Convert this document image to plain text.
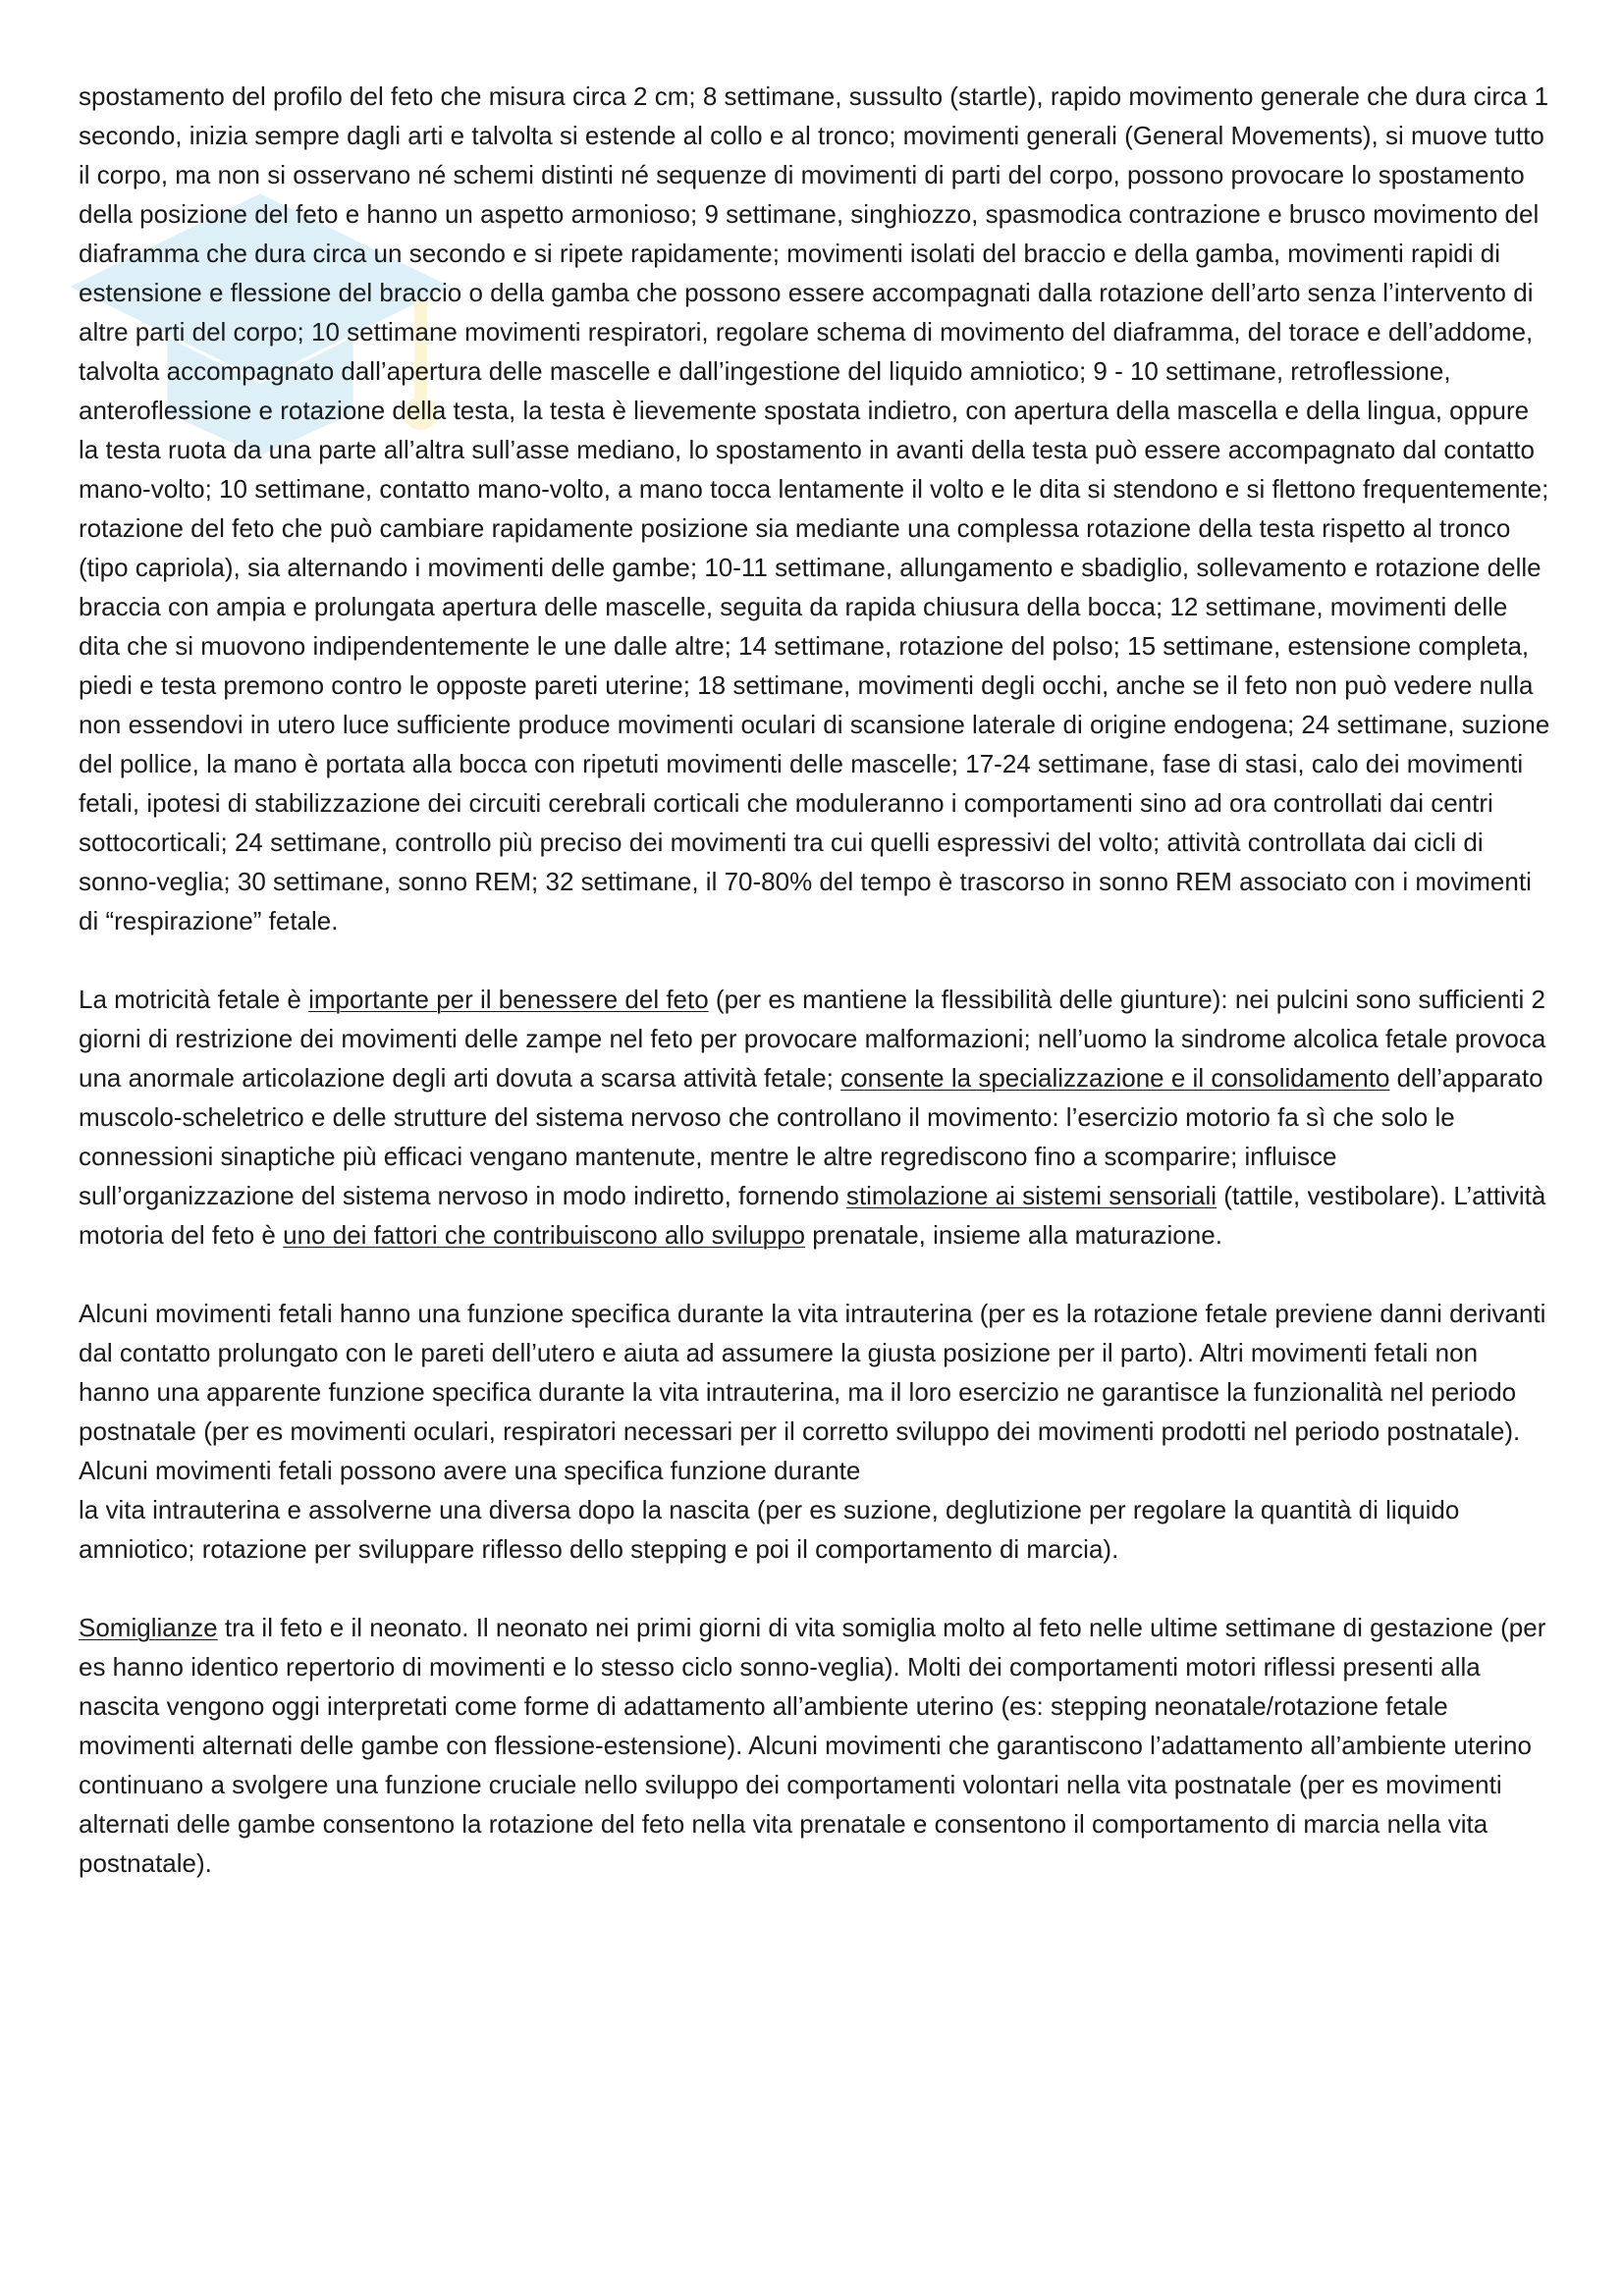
spostamento del profilo del feto che misura circa 2 cm; 8 settimane, sussulto (startle), rapido movimento generale che dura circa 1 secondo, inizia sempre dagli arti e talvolta si estende al collo e al tronco; movimenti generali (General Movements), si muove tutto il corpo, ma non si osservano né schemi distinti né sequenze di movimenti di parti del corpo, possono provocare lo spostamento della posizione del feto e hanno un aspetto armonioso; 9 settimane, singhiozzo, spasmodica contrazione e brusco movimento del diaframma che dura circa un secondo e si ripete rapidamente; movimenti isolati del braccio e della gamba, movimenti rapidi di estensione e flessione del braccio o della gamba che possono essere accompagnati dalla rotazione dell’arto senza l’intervento di altre parti del corpo; 10 settimane movimenti respiratori, regolare schema di movimento del diaframma, del torace e dell’addome, talvolta accompagnato dall’apertura delle mascelle e dall’ingestione del liquido amniotico; 9 - 10 settimane, retroflessione, anteroflessione e rotazione della testa, la testa è lievemente spostata indietro, con apertura della mascella e della lingua, oppure la testa ruota da una parte all’altra sull’asse mediano, lo spostamento in avanti della testa può essere accompagnato dal contatto mano-volto; 10 settimane, contatto mano-volto, a mano tocca lentamente il volto e le dita si stendono e si flettono frequentemente; rotazione del feto che può cambiare rapidamente posizione sia mediante una complessa rotazione della testa rispetto al tronco (tipo capriola), sia alternando i movimenti delle gambe; 10-11 settimane, allungamento e sbadiglio, sollevamento e rotazione delle braccia con ampia e prolungata apertura delle mascelle, seguita da rapida chiusura della bocca; 12 settimane, movimenti delle dita che si muovono indipendentemente le une dalle altre; 14 settimane, rotazione del polso; 15 settimane, estensione completa, piedi e testa premono contro le opposte pareti uterine; 18 settimane, movimenti degli occhi, anche se il feto non può vedere nulla non essendovi in utero luce sufficiente produce movimenti oculari di scansione laterale di origine endogena; 24 settimane, suzione del pollice, la mano è portata alla bocca con ripetuti movimenti delle mascelle; 17-24 settimane, fase di stasi, calo dei movimenti fetali, ipotesi di stabilizzazione dei circuiti cerebrali corticali che moduleranno i comportamenti sino ad ora controllati dai centri sottocorticali; 24 settimane, controllo più preciso dei movimenti tra cui quelli espressivi del volto; attività controllata dai cicli di sonno-veglia; 30 settimane, sonno REM; 32 settimane, il 70-80% del tempo è trascorso in sonno REM associato con i movimenti di “respirazione” fetale.

La motricità fetale è importante per il benessere del feto (per es mantiene la flessibilità delle giunture): nei pulcini sono sufficienti 2 giorni di restrizione dei movimenti delle zampe nel feto per provocare malformazioni; nell’uomo la sindrome alcolica fetale provoca una anormale articolazione degli arti dovuta a scarsa attività fetale; consente la specializzazione e il consolidamento dell’apparato muscolo-scheletrico e delle strutture del sistema nervoso che controllano il movimento: l’esercizio motorio fa sì che solo le connessioni sinaptiche più efficaci vengano mantenute, mentre le altre regrediscono fino a scomparire; influisce sull’organizzazione del sistema nervoso in modo indiretto, fornendo stimolazione ai sistemi sensoriali (tattile, vestibolare). L’attività motoria del feto è uno dei fattori che contribuiscono allo sviluppo prenatale, insieme alla maturazione.

Alcuni movimenti fetali hanno una funzione specifica durante la vita intrauterina (per es la rotazione fetale previene danni derivanti dal contatto prolungato con le pareti dell’utero e aiuta ad assumere la giusta posizione per il parto). Altri movimenti fetali non hanno una apparente funzione specifica durante la vita intrauterina, ma il loro esercizio ne garantisce la funzionalità nel periodo postnatale (per es movimenti oculari, respiratori necessari per il corretto sviluppo dei movimenti prodotti nel periodo postnatale). Alcuni movimenti fetali possono avere una specifica funzione durante
la vita intrauterina e assolverne una diversa dopo la nascita (per es suzione, deglutizione per regolare la quantità di liquido amniotico; rotazione per sviluppare riflesso dello stepping e poi il comportamento di marcia).

Somiglianze tra il feto e il neonato. Il neonato nei primi giorni di vita somiglia molto al feto nelle ultime settimane di gestazione (per es hanno identico repertorio di movimenti e lo stesso ciclo sonno-veglia). Molti dei comportamenti motori riflessi presenti alla nascita vengono oggi interpretati come forme di adattamento all’ambiente uterino (es: stepping neonatale/rotazione fetale movimenti alternati delle gambe con flessione-estensione). Alcuni movimenti che garantiscono l’adattamento all’ambiente uterino continuano a svolgere una funzione cruciale nello sviluppo dei comportamenti volontari nella vita postnatale (per es movimenti alternati delle gambe consentono la rotazione del feto nella vita prenatale e consentono il comportamento di marcia nella vita postnatale).
